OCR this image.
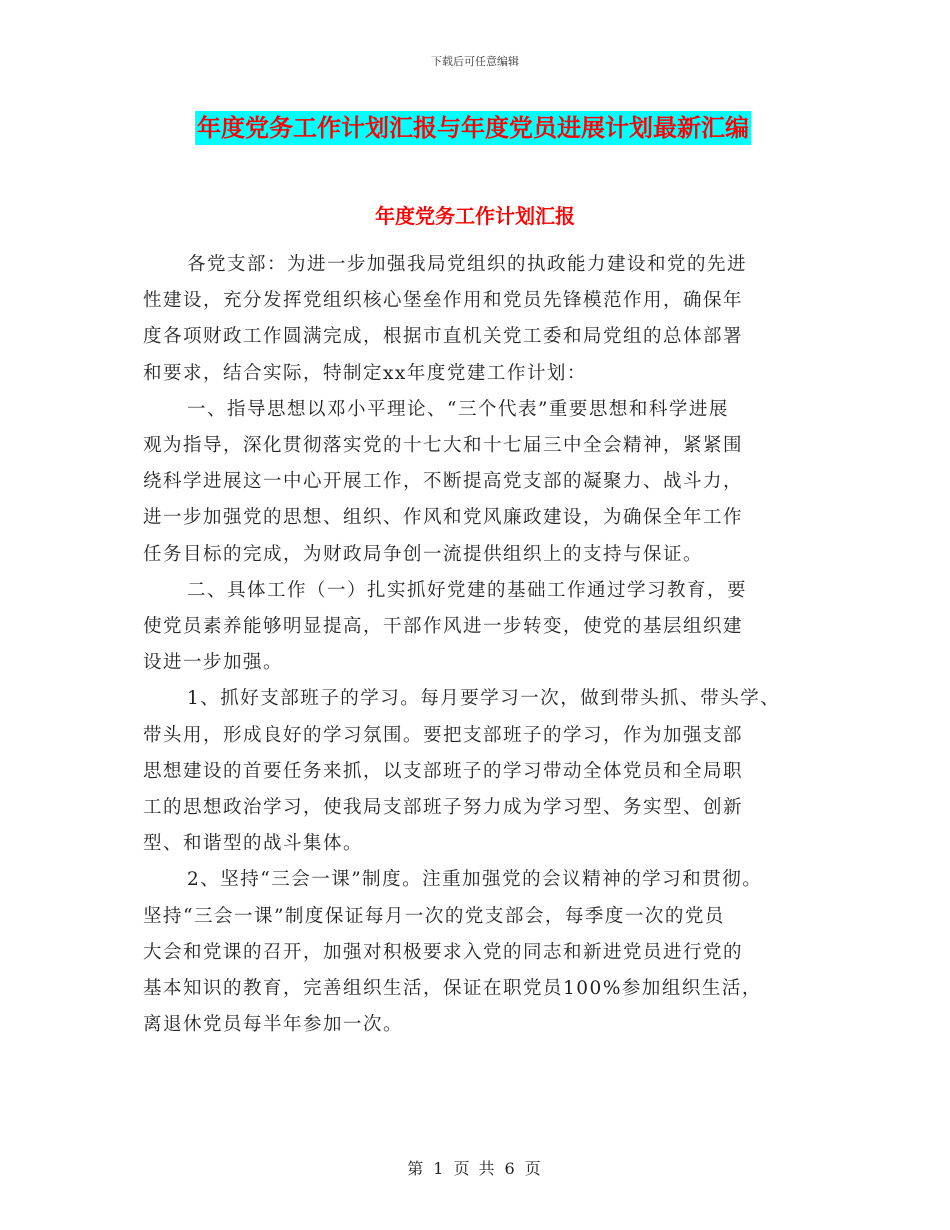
下载后可任意编辑
年度党务工作计划汇报与年度党员进展计划最新汇编
年度党务工作计划汇报

各党支部：为进一步加强我局党组织的执政能力建设和党的先进
性建设，充分发挥党组织核心堡垒作用和党员先锋模范作用，确保年
度各项财政工作圆满完成，根据市直机关党工委和局党组的总体部署
和要求，结合实际，特制定xx年度党建工作计划：

一、指导思想以邓小平理论、“三个代表”重要思想和科学进展
观为指导，深化贯彻落实党的十七大和十七届三中全会精神，紧紧围
绕科学进展这一中心开展工作，不断提高党支部的凝聚力、战斗力，
进一步加强党的思想、组织、作风和党风廉政建设，为确保全年工作
任务目标的完成，为财政局争创一流提供组织上的支持与保证。

二、具体工作（一）扎实抓好党建的基础工作通过学习教育，要
使党员素养能够明显提高，干部作风进一步转变，使党的基层组织建
设进一步加强。

1、抓好支部班子的学习。每月要学习一次，做到带头抓、带头学、
带头用，形成良好的学习氛围。要把支部班子的学习，作为加强支部
思想建设的首要任务来抓，以支部班子的学习带动全体党员和全局职
工的思想政治学习，使我局支部班子努力成为学习型、务实型、创新
型、和谐型的战斗集体。

2、坚持“三会一课”制度。注重加强党的会议精神的学习和贯彻。
坚持“三会一课”制度保证每月一次的党支部会，每季度一次的党员
大会和党课的召开，加强对积极要求入党的同志和新进党员进行党的
基本知识的教育，完善组织生活，保证在职党员100%参加组织生活，
离退休党员每半年参加一次。

第 1 页 共 6 页
